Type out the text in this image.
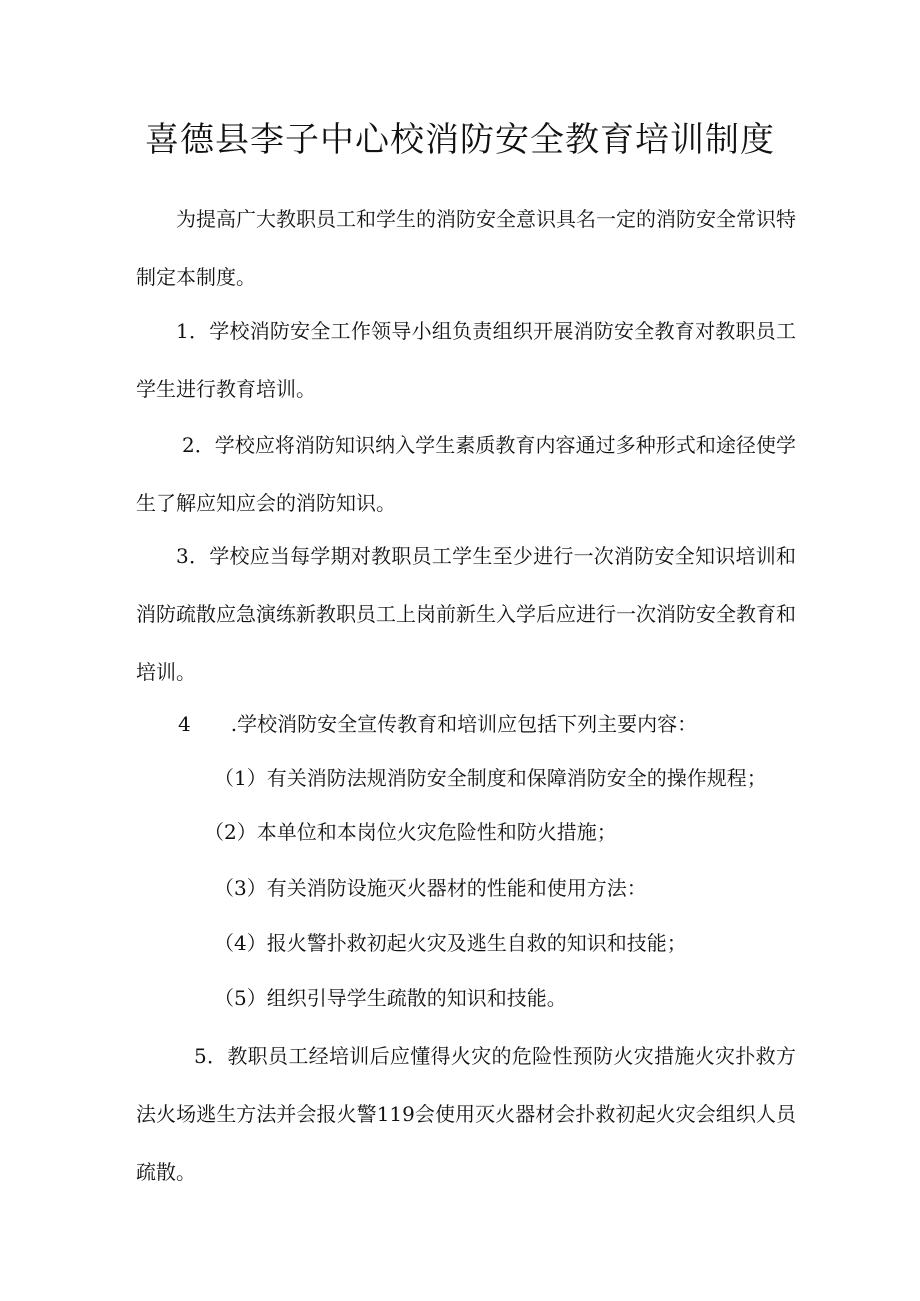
喜德县李子中心校消防安全教育培训制度

为提高广大教职员工和学生的消防安全意识具名一定的消防安全常识特制定本制度。

1．学校消防安全工作领导小组负责组织开展消防安全教育对教职员工学生进行教育培训。

2．学校应将消防知识纳入学生素质教育内容通过多种形式和途径使学生了解应知应会的消防知识。

3．学校应当每学期对教职员工学生至少进行一次消防安全知识培训和消防疏散应急演练新教职员工上岗前新生入学后应进行一次消防安全教育和培训。

4　　.学校消防安全宣传教育和培训应包括下列主要内容：

（1）有关消防法规消防安全制度和保障消防安全的操作规程；

（2）本单位和本岗位火灾危险性和防火措施；

（3）有关消防设施灭火器材的性能和使用方法：

（4）报火警扑救初起火灾及逃生自救的知识和技能；

（5）组织引导学生疏散的知识和技能。

5．教职员工经培训后应懂得火灾的危险性预防火灾措施火灾扑救方法火场逃生方法并会报火警119会使用灭火器材会扑救初起火灾会组织人员疏散。
